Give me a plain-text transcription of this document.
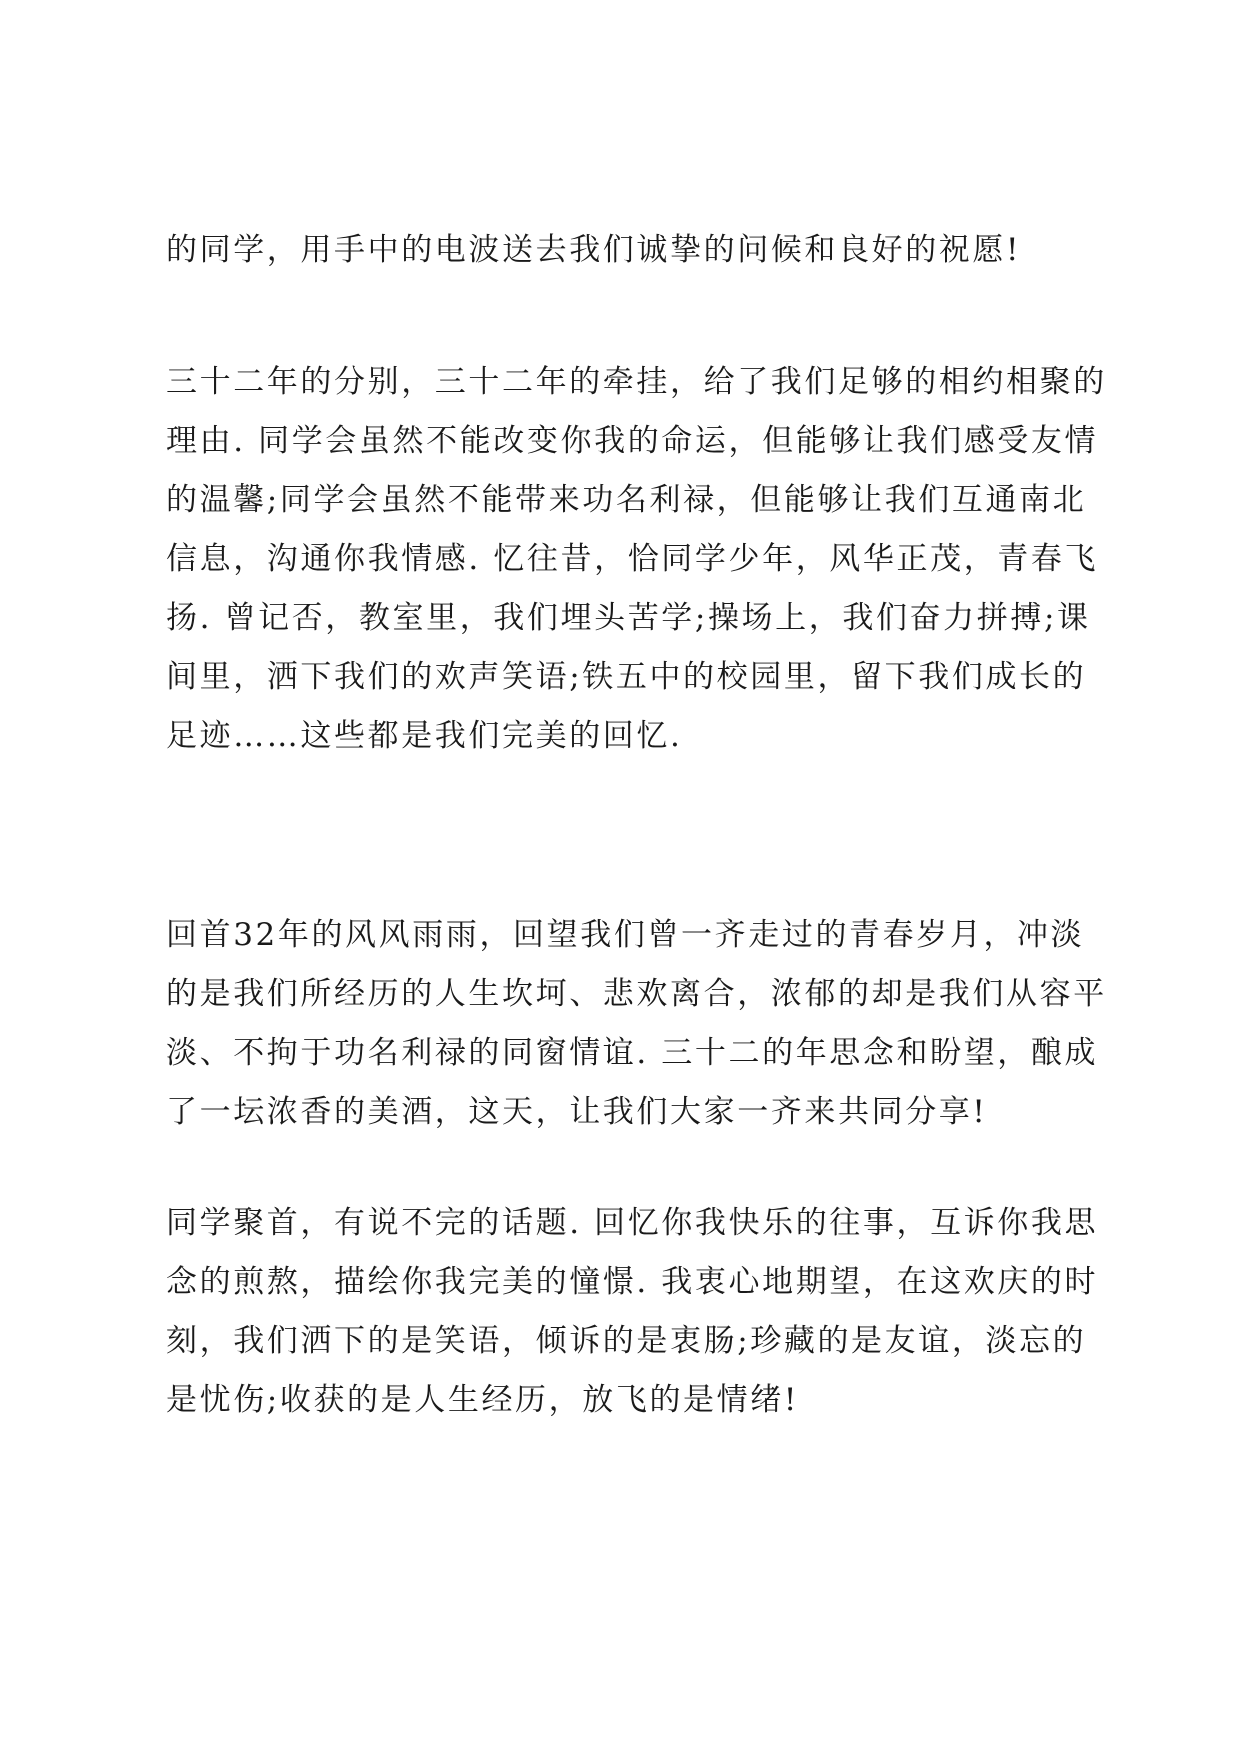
的同学，用手中的电波送去我们诚挚的问候和良好的祝愿!
三十二年的分别，三十二年的牵挂，给了我们足够的相约相聚的
理由. 同学会虽然不能改变你我的命运，但能够让我们感受友情
的温馨;同学会虽然不能带来功名利禄，但能够让我们互通南北
信息，沟通你我情感. 忆往昔，恰同学少年，风华正茂，青春飞
扬. 曾记否，教室里，我们埋头苦学;操场上，我们奋力拼搏;课
间里，洒下我们的欢声笑语;铁五中的校园里，留下我们成长的
足迹……这些都是我们完美的回忆.
回首32年的风风雨雨，回望我们曾一齐走过的青春岁月，冲淡
的是我们所经历的人生坎坷、悲欢离合，浓郁的却是我们从容平
淡、不拘于功名利禄的同窗情谊. 三十二的年思念和盼望，酿成
了一坛浓香的美酒，这天，让我们大家一齐来共同分享!
同学聚首，有说不完的话题. 回忆你我快乐的往事，互诉你我思
念的煎熬，描绘你我完美的憧憬. 我衷心地期望，在这欢庆的时
刻，我们洒下的是笑语，倾诉的是衷肠;珍藏的是友谊，淡忘的
是忧伤;收获的是人生经历，放飞的是情绪!
